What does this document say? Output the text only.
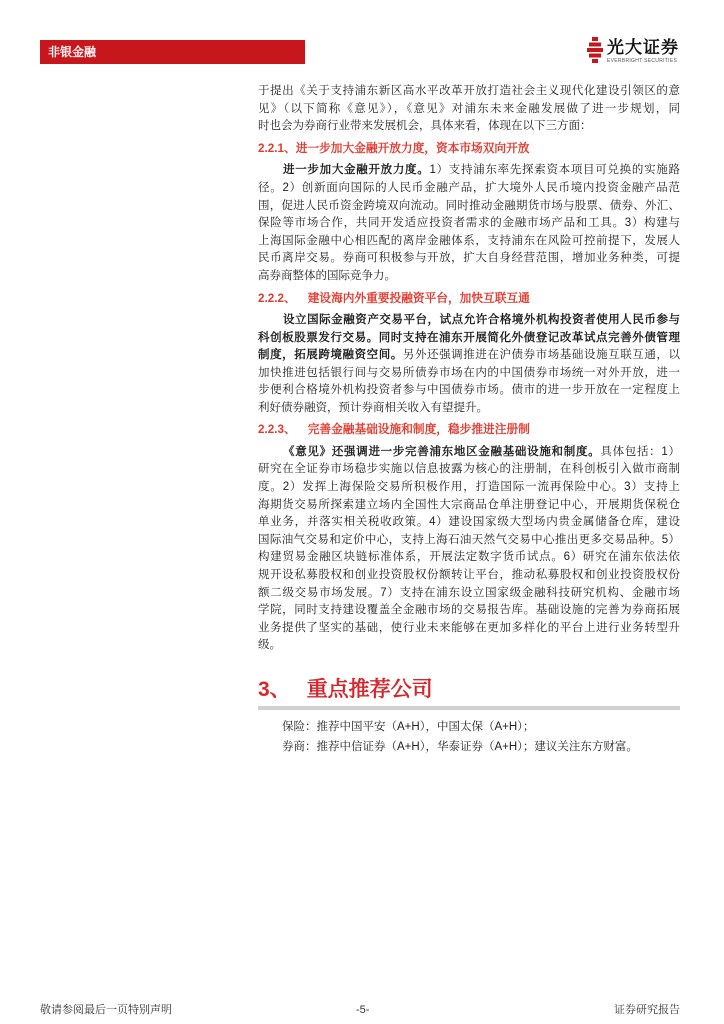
非银金融	光大证券
EVERBRIGHT SECURITIES
于提出《关于支持浦东新区高水平改革开放打造社会主义现代化建设引领区的意
见》（以下简称《意见》），《意见》对浦东未来金融发展做了进一步规划，同
时也会为券商行业带来发展机会，具体来看，体现在以下三方面：
2.2.1、进一步加大金融开放力度，资本市场双向开放
进一步加大金融开放力度。1）支持浦东率先探索资本项目可兑换的实施路
径。2）创新面向国际的人民币金融产品，扩大境外人民币境内投资金融产品范
围，促进人民币资金跨境双向流动。同时推动金融期货市场与股票、债券、外汇、
保险等市场合作，共同开发适应投资者需求的金融市场产品和工具。3）构建与
上海国际金融中心相匹配的离岸金融体系，支持浦东在风险可控前提下，发展人
民币离岸交易。券商可积极参与开放，扩大自身经营范围，增加业务种类，可提
高券商整体的国际竞争力。
2.2.2、 建设海内外重要投融资平台，加快互联互通
设立国际金融资产交易平台，试点允许合格境外机构投资者使用人民币参与
科创板股票发行交易。同时支持在浦东开展简化外债登记改革试点完善外债管理
制度，拓展跨境融资空间。另外还强调推进在沪债券市场基础设施互联互通，以
加快推进包括银行间与交易所债券市场在内的中国债券市场统一对外开放，进一
步便利合格境外机构投资者参与中国债券市场。债市的进一步开放在一定程度上
利好债券融资，预计券商相关收入有望提升。
2.2.3、 完善金融基础设施和制度，稳步推进注册制
《意见》还强调进一步完善浦东地区金融基础设施和制度。具体包括：1）
研究在全证券市场稳步实施以信息披露为核心的注册制，在科创板引入做市商制
度。2）发挥上海保险交易所积极作用，打造国际一流再保险中心。3）支持上
海期货交易所探索建立场内全国性大宗商品仓单注册登记中心，开展期货保税仓
单业务，并落实相关税收政策。4）建设国家级大型场内贵金属储备仓库，建设
国际油气交易和定价中心，支持上海石油天然气交易中心推出更多交易品种。5）
构建贸易金融区块链标准体系，开展法定数字货币试点。6）研究在浦东依法依
规开设私募股权和创业投资股权份额转让平台，推动私募股权和创业投资股权份
额二级交易市场发展。7）支持在浦东设立国家级金融科技研究机构、金融市场
学院，同时支持建设覆盖全金融市场的交易报告库。基础设施的完善为券商拓展
业务提供了坚实的基础，使行业未来能够在更加多样化的平台上进行业务转型升
级。
3、 重点推荐公司
保险：推荐中国平安（A+H），中国太保（A+H）；
券商：推荐中信证券（A+H），华泰证券（A+H）；建议关注东方财富。
敬请参阅最后一页特别声明	-5-	证券研究报告
